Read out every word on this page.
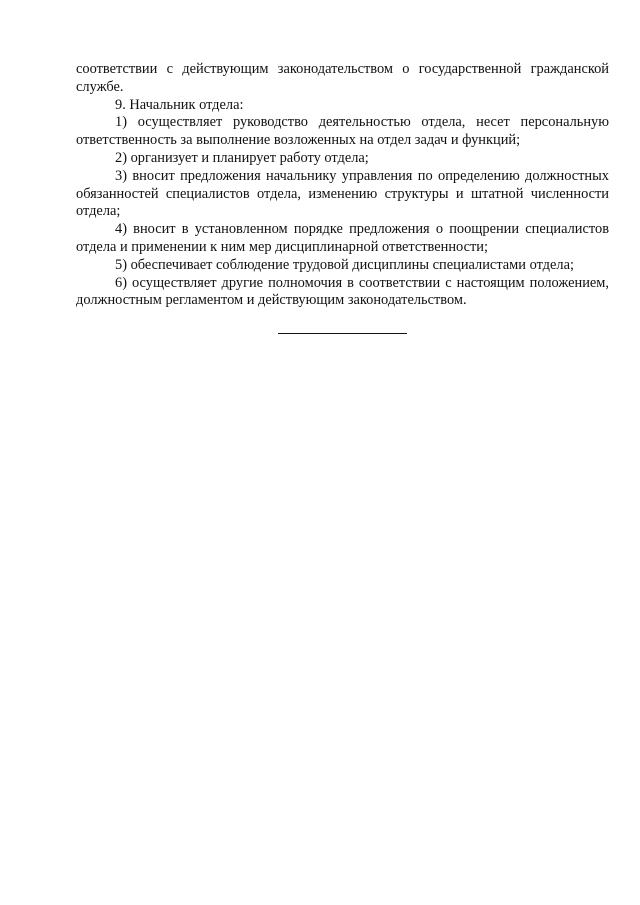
соответствии с действующим законодательством о государственной гражданской службе.

9. Начальник отдела:

1) осуществляет руководство деятельностью отдела, несет персональную ответственность за выполнение возложенных на отдел задач и функций;

2) организует и планирует работу отдела;

3) вносит предложения начальнику управления по определению должностных обязанностей специалистов отдела, изменению структуры и штатной численности отдела;

4) вносит в установленном порядке предложения о поощрении специалистов отдела и применении к ним мер дисциплинарной ответственности;

5) обеспечивает соблюдение трудовой дисциплины специалистами отдела;

6) осуществляет другие полномочия в соответствии с настоящим положением, должностным регламентом и действующим законодательством.
